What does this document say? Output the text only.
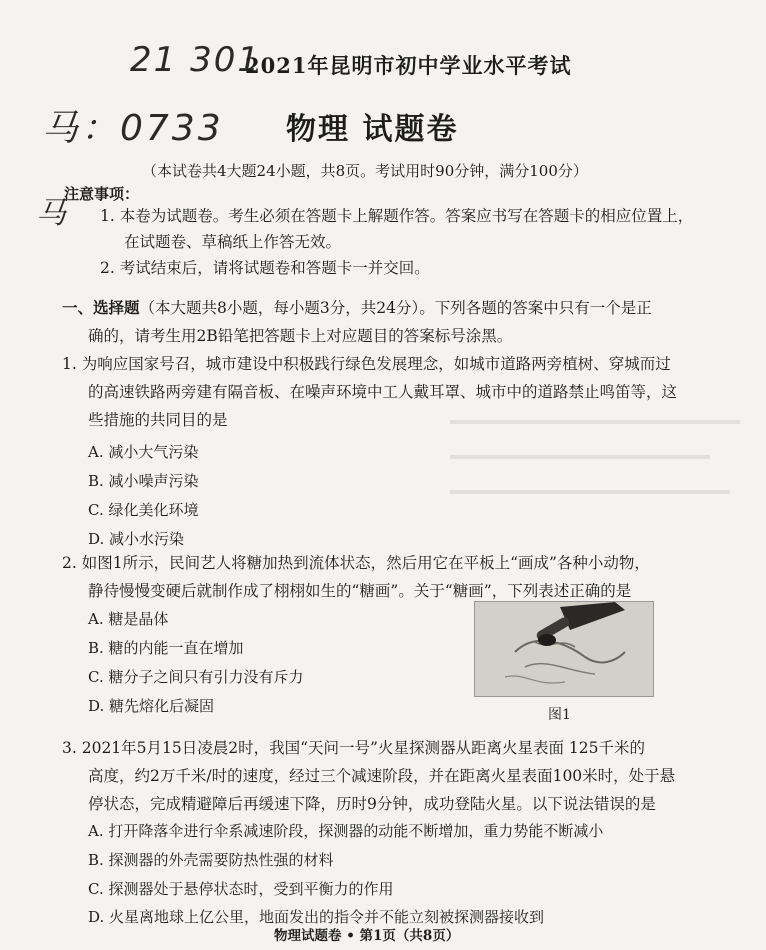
21 301
2021年昆明市初中学业水平考试
马：0733 物理 试题卷
（本试卷共4大题24小题，共8页。考试用时90分钟，满分100分）
马
注意事项：
1. 本卷为试题卷。考生必须在答题卡上解题作答。答案应书写在答题卡的相应位置上，
在试题卷、草稿纸上作答无效。
2. 考试结束后，请将试题卷和答题卡一并交回。
一、选择题（本大题共8小题，每小题3分，共24分）。下列各题的答案中只有一个是正
确的，请考生用2B铅笔把答题卡上对应题目的答案标号涂黑。
1. 为响应国家号召，城市建设中积极践行绿色发展理念，如城市道路两旁植树、穿城而过
的高速铁路两旁建有隔音板、在噪声环境中工人戴耳罩、城市中的道路禁止鸣笛等，这
些措施的共同目的是
A. 减小大气污染
B. 减小噪声污染
C. 绿化美化环境
D. 减小水污染
2. 如图1所示，民间艺人将糖加热到流体状态，然后用它在平板上“画成”各种小动物，
静待慢慢变硬后就制作成了栩栩如生的“糖画”。关于“糖画”，下列表述正确的是
A. 糖是晶体
B. 糖的内能一直在增加
C. 糖分子之间只有引力没有斥力
D. 糖先熔化后凝固	图1
3. 2021年5月15日凌晨2时，我国“天问一号”火星探测器从距离火星表面 125千米的
高度，约2万千米/时的速度，经过三个减速阶段，并在距离火星表面100米时，处于悬
停状态，完成精避障后再缓速下降，历时9分钟，成功登陆火星。以下说法错误的是
A. 打开降落伞进行伞系减速阶段，探测器的动能不断增加，重力势能不断减小
B. 探测器的外壳需要防热性强的材料
C. 探测器处于悬停状态时，受到平衡力的作用
D. 火星离地球上亿公里，地面发出的指令并不能立刻被探测器接收到
物理试题卷 • 第1页（共8页）
